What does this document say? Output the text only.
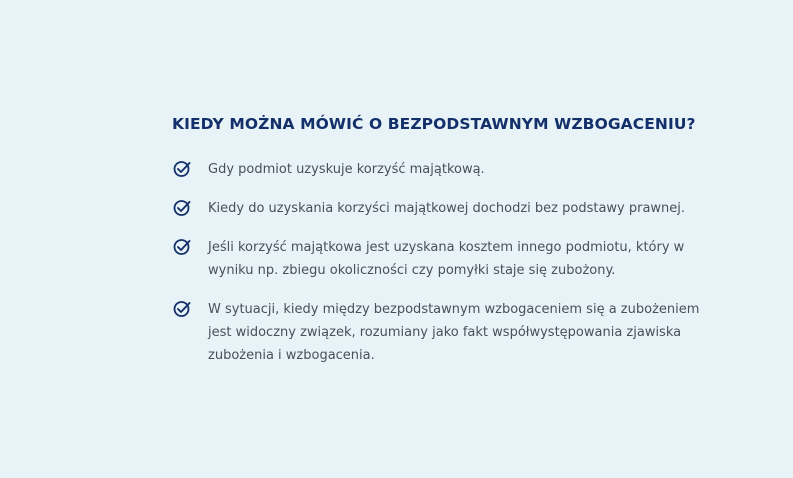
KIEDY MOŻNA MÓWIĆ O BEZPODSTAWNYM WZBOGACENIU?
Gdy podmiot uzyskuje korzyść majątkową.
Kiedy do uzyskania korzyści majątkowej dochodzi bez podstawy prawnej.
Jeśli korzyść majątkowa jest uzyskana kosztem innego podmiotu, który w wyniku np. zbiegu okoliczności czy pomyłki staje się zubożony.
W sytuacji, kiedy między bezpodstawnym wzbogaceniem się a zubożeniem jest widoczny związek, rozumiany jako fakt współwystępowania zjawiska zubożenia i wzbogacenia.
